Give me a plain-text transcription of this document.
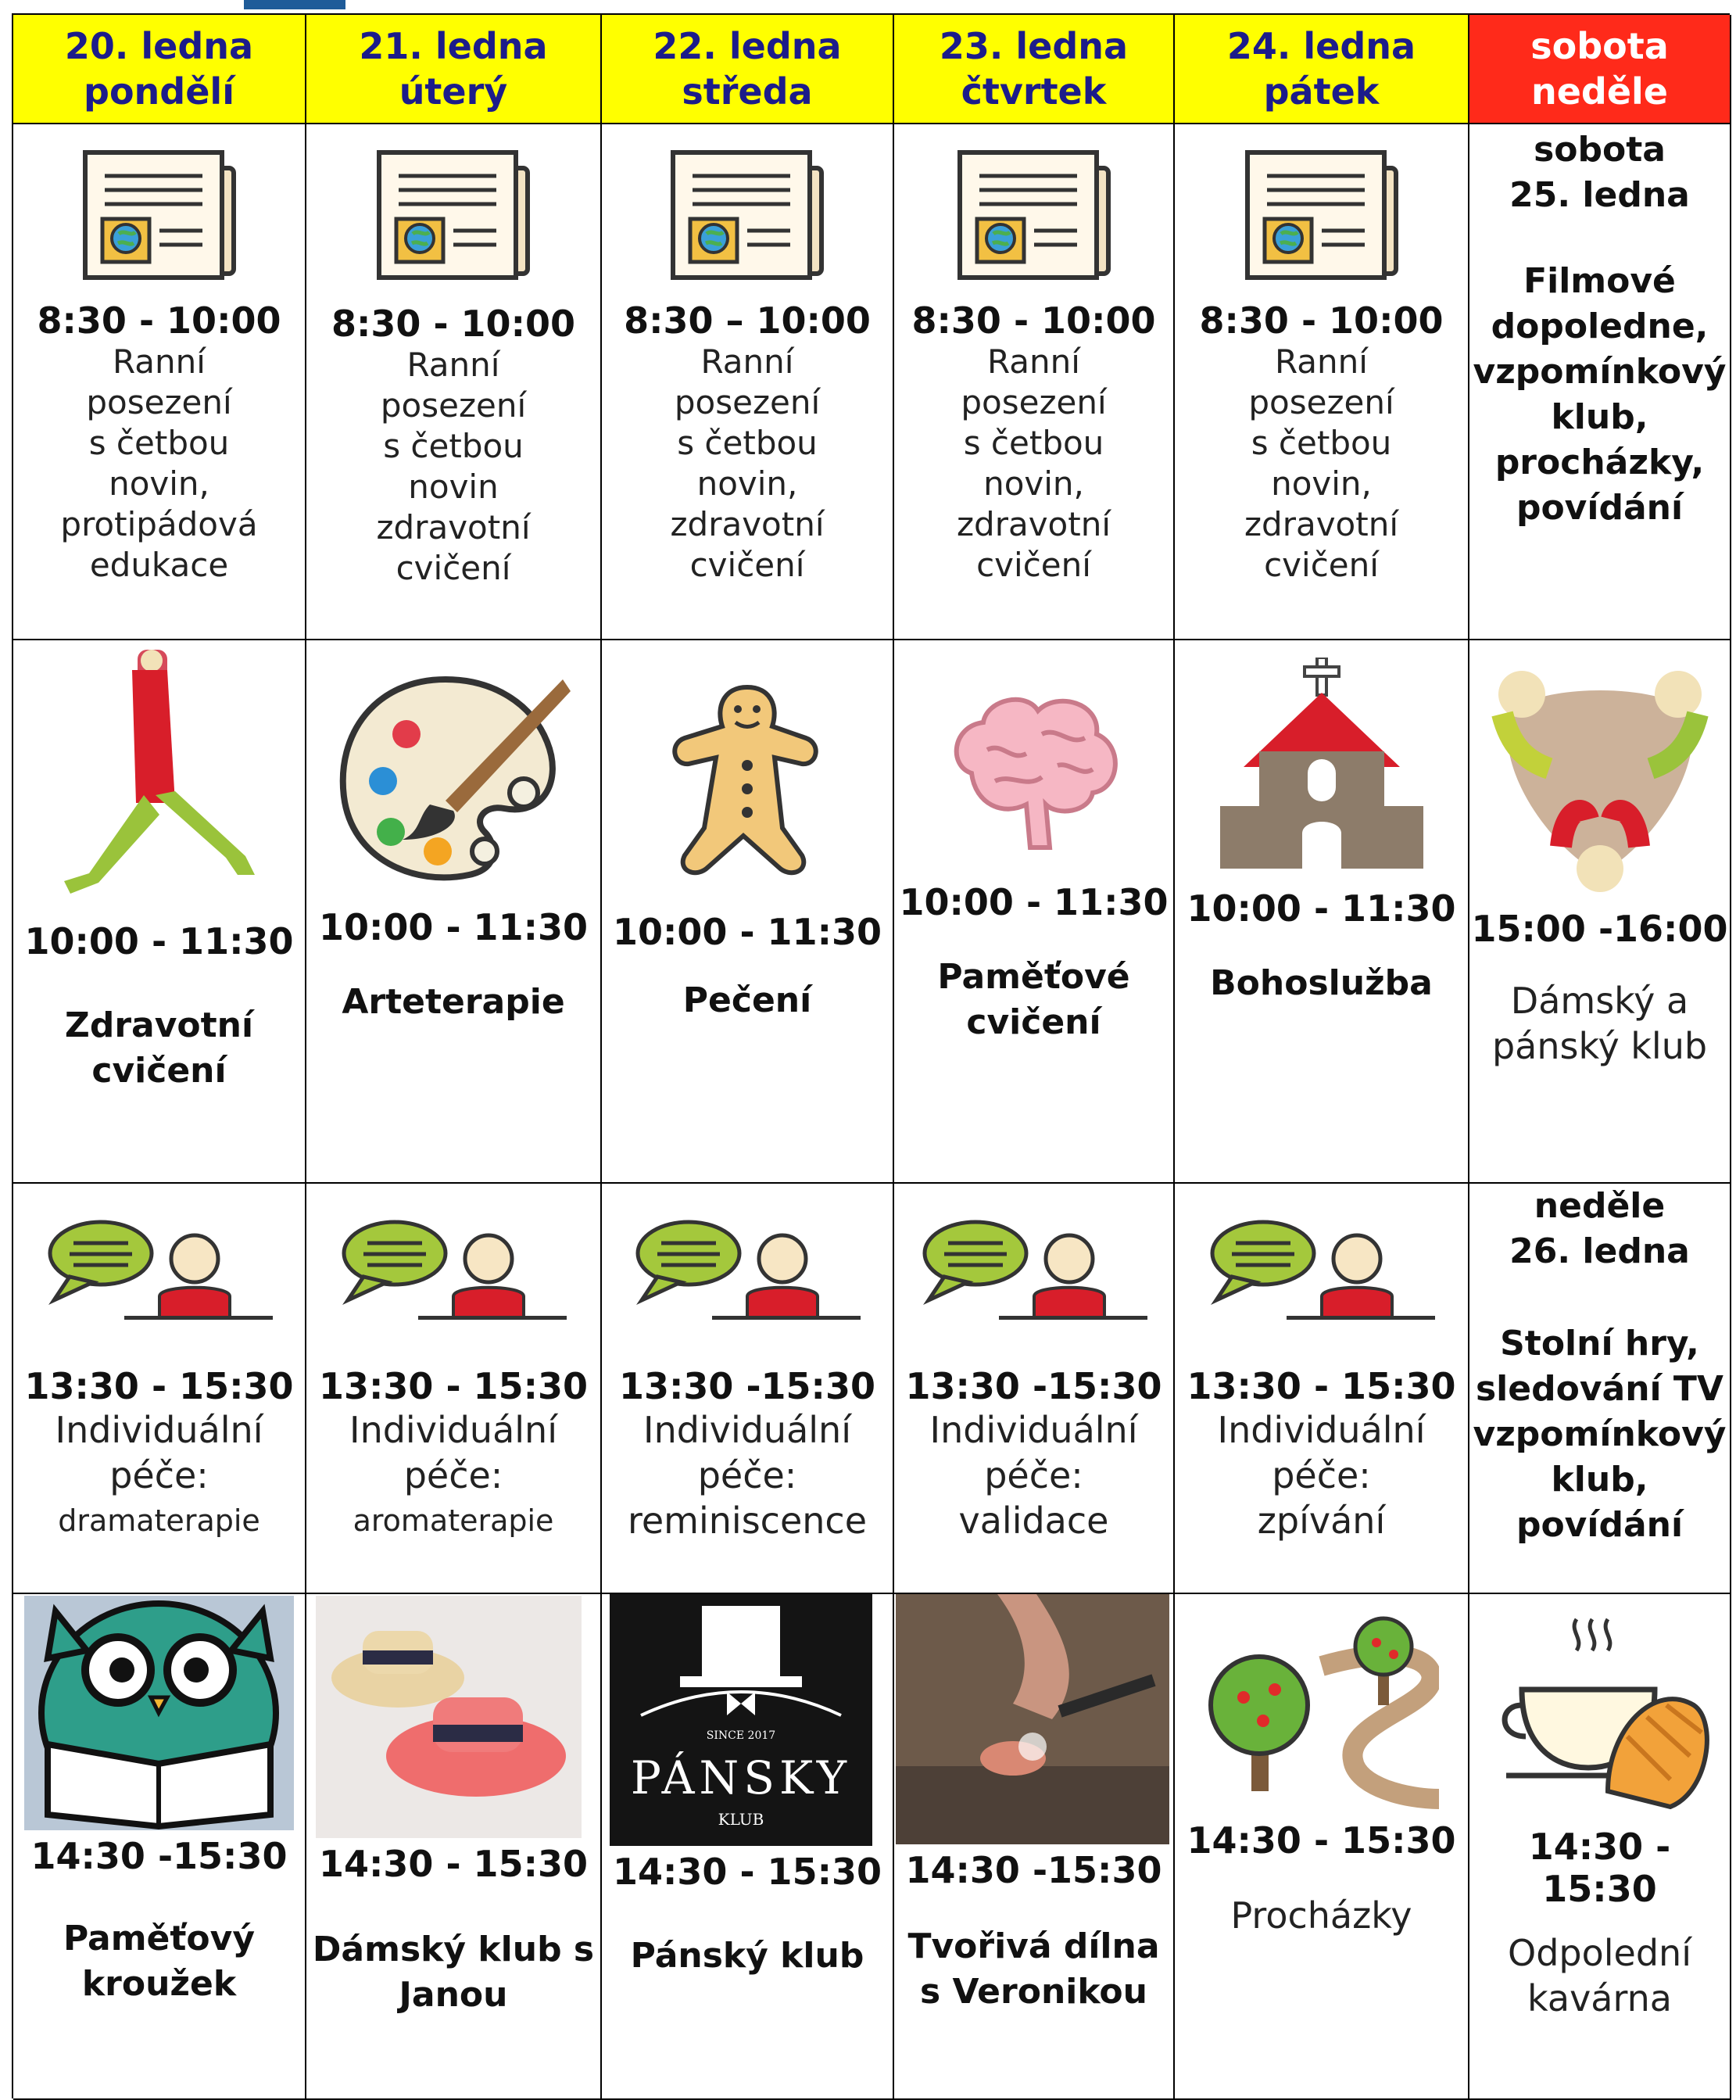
20. ledna
pondělí
21. ledna
úterý
22. ledna
středa
23. ledna
čtvrtek
24. ledna
pátek
sobota
neděle
8:30 - 10:00
Ranní
posezení
s četbou
novin,
protipádová
edukace
8:30 - 10:00
Ranní
posezení
s četbou
novin
zdravotní
cvičení
8:30 – 10:00
Ranní
posezení
s četbou
novin,
zdravotní
cvičení
8:30 - 10:00
Ranní
posezení
s četbou
novin,
zdravotní
cvičení
8:30 - 10:00
Ranní
posezení
s četbou
novin,
zdravotní
cvičení
sobota
25. ledna
Filmové
dopoledne,
vzpomínkový
klub,
procházky,
povídání
10:00 - 11:30
Zdravotní
cvičení
10:00 - 11:30
Arteterapie
10:00 - 11:30
Pečení
10:00 - 11:30
Paměťové
cvičení
10:00 - 11:30
Bohoslužba
15:00 -16:00
Dámský a
pánský klub
13:30 - 15:30
Individuální
péče:
dramaterapie
13:30 - 15:30
Individuální
péče:
aromaterapie
13:30 -15:30
Individuální
péče:
reminiscence
13:30 -15:30
Individuální
péče:
validace
13:30 - 15:30
Individuální
péče:
zpívání
neděle
26. ledna
Stolní hry,
sledování TV
vzpomínkový
klub,
povídání
14:30 -15:30
Paměťový
kroužek
14:30 - 15:30
Dámský klub s
Janou
SINCE 2017
PÁNSKY
KLUB
14:30 - 15:30
Pánský klub
14:30 -15:30
Tvořivá dílna
s Veronikou
14:30 - 15:30
Procházky
14:30 - 15:30
Odpolední
kavárna
